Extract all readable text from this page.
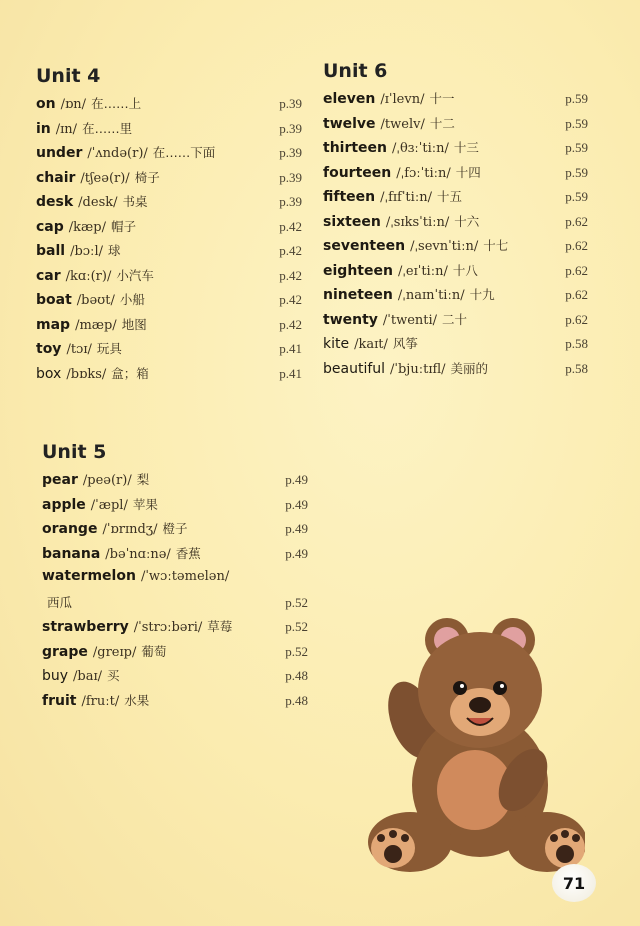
Unit 4
on /ɒn/ 在……上	p.39
in /ɪn/ 在……里	p.39
under /ˈʌndə(r)/ 在……下面	p.39
chair /tʃeə(r)/ 椅子	p.39
desk /desk/ 书桌	p.39
cap /kæp/ 帽子	p.42
ball /bɔːl/ 球	p.42
car /kɑː(r)/ 小汽车	p.42
boat /bəʊt/ 小船	p.42
map /mæp/ 地图	p.42
toy /tɔɪ/ 玩具	p.41
box /bɒks/ 盒；箱	p.41
Unit 5
pear /peə(r)/ 梨	p.49
apple /ˈæpl/ 苹果	p.49
orange /ˈɒrɪndʒ/ 橙子	p.49
banana /bəˈnɑːnə/ 香蕉	p.49
watermelon /ˈwɔːtəmelən/
西瓜	p.52
strawberry /ˈstrɔːbəri/ 草莓	p.52
grape /greɪp/ 葡萄	p.52
buy /baɪ/ 买	p.48
fruit /fruːt/ 水果	p.48
Unit 6
eleven /ɪˈlevn/ 十一	p.59
twelve /twelv/ 十二	p.59
thirteen /ˌθɜːˈtiːn/ 十三	p.59
fourteen /ˌfɔːˈtiːn/ 十四	p.59
fifteen /ˌfɪfˈtiːn/ 十五	p.59
sixteen /ˌsɪksˈtiːn/ 十六	p.62
seventeen /ˌsevnˈtiːn/ 十七	p.62
eighteen /ˌeɪˈtiːn/ 十八	p.62
nineteen /ˌnaɪnˈtiːn/ 十九	p.62
twenty /ˈtwenti/ 二十	p.62
kite /kaɪt/ 风筝	p.58
beautiful /ˈbjuːtɪfl/ 美丽的	p.58
71
